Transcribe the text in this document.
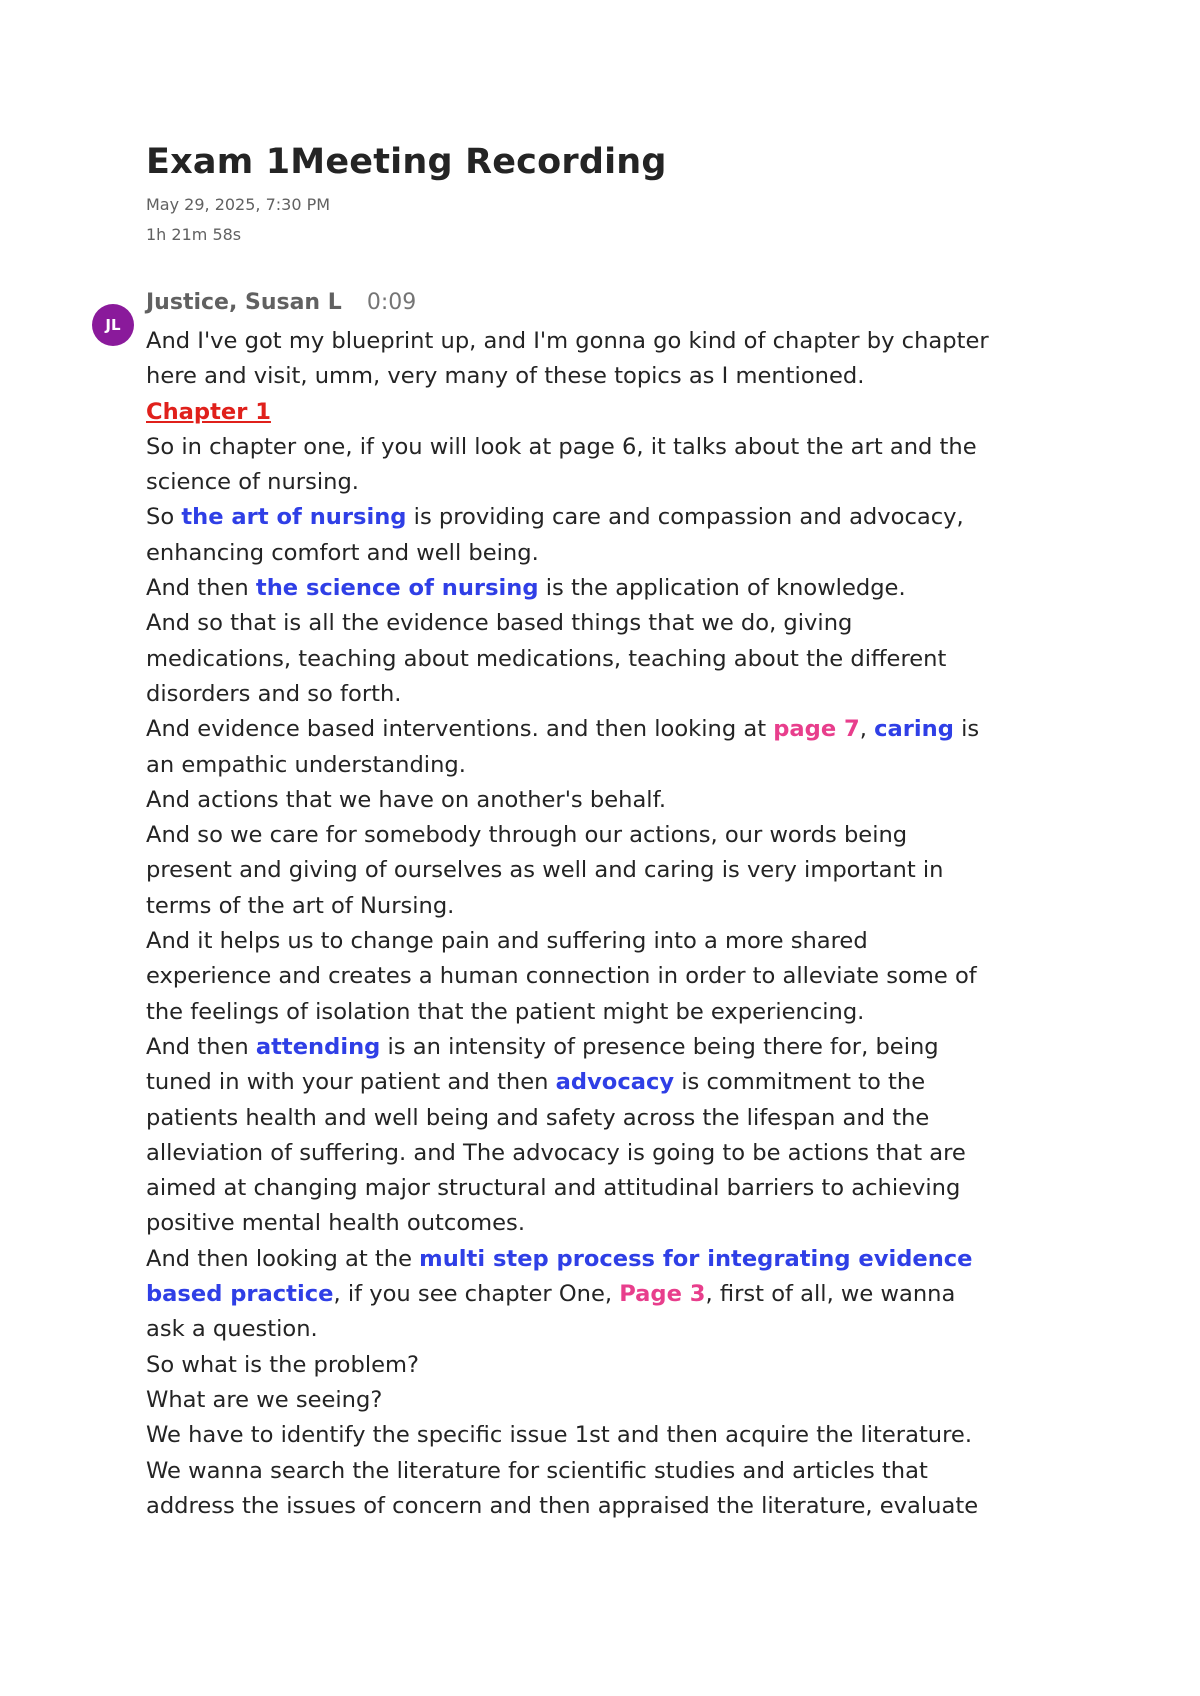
Exam 1Meeting Recording
May 29, 2025, 7:30 PM
1h 21m 58s
JL
Justice, Susan L 0:09
And I've got my blueprint up, and I'm gonna go kind of chapter by chapter
here and visit, umm, very many of these topics as I mentioned.
Chapter 1
So in chapter one, if you will look at page 6, it talks about the art and the
science of nursing.
So the art of nursing is providing care and compassion and advocacy,
enhancing comfort and well being.
And then the science of nursing is the application of knowledge.
And so that is all the evidence based things that we do, giving
medications, teaching about medications, teaching about the different
disorders and so forth.
And evidence based interventions. and then looking at page 7, caring is
an empathic understanding.
And actions that we have on another's behalf.
And so we care for somebody through our actions, our words being
present and giving of ourselves as well and caring is very important in
terms of the art of Nursing.
And it helps us to change pain and suffering into a more shared
experience and creates a human connection in order to alleviate some of
the feelings of isolation that the patient might be experiencing.
And then attending is an intensity of presence being there for, being
tuned in with your patient and then advocacy is commitment to the
patients health and well being and safety across the lifespan and the
alleviation of suffering. and The advocacy is going to be actions that are
aimed at changing major structural and attitudinal barriers to achieving
positive mental health outcomes.
And then looking at the multi step process for integrating evidence
based practice, if you see chapter One, Page 3, first of all, we wanna
ask a question.
So what is the problem?
What are we seeing?
We have to identify the specific issue 1st and then acquire the literature.
We wanna search the literature for scientific studies and articles that
address the issues of concern and then appraised the literature, evaluate
